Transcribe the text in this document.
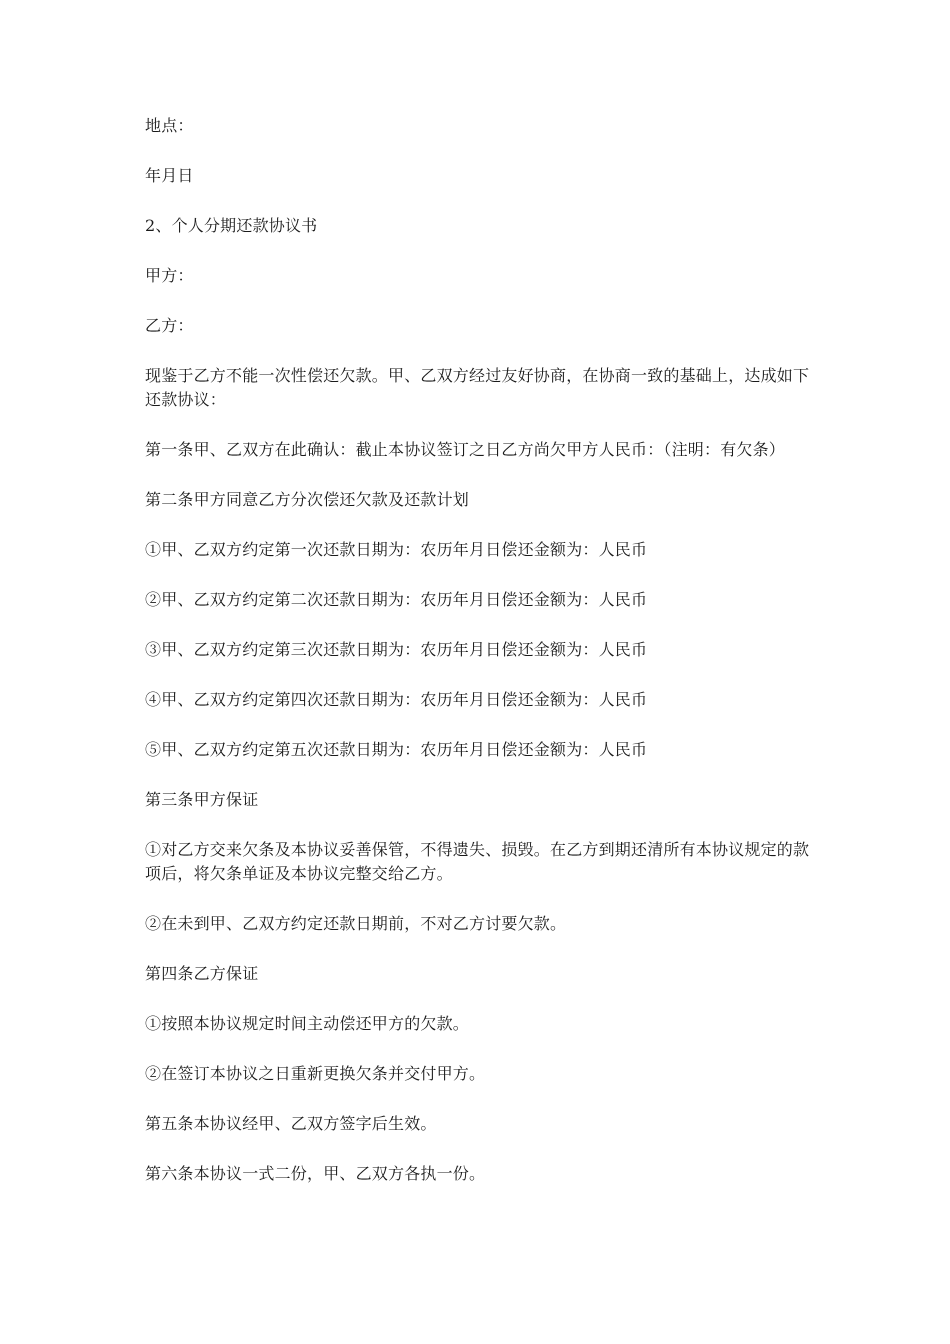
地点：

年月日

2、个人分期还款协议书

甲方：

乙方：

现鉴于乙方不能一次性偿还欠款。甲、乙双方经过友好协商，在协商一致的基础上，达成如下还款协议：

第一条甲、乙双方在此确认：截止本协议签订之日乙方尚欠甲方人民币：（注明：有欠条）

第二条甲方同意乙方分次偿还欠款及还款计划

①甲、乙双方约定第一次还款日期为：农历年月日偿还金额为：人民币

②甲、乙双方约定第二次还款日期为：农历年月日偿还金额为：人民币

③甲、乙双方约定第三次还款日期为：农历年月日偿还金额为：人民币

④甲、乙双方约定第四次还款日期为：农历年月日偿还金额为：人民币

⑤甲、乙双方约定第五次还款日期为：农历年月日偿还金额为：人民币

第三条甲方保证

①对乙方交来欠条及本协议妥善保管，不得遗失、损毁。在乙方到期还清所有本协议规定的款项后，将欠条单证及本协议完整交给乙方。

②在未到甲、乙双方约定还款日期前，不对乙方讨要欠款。

第四条乙方保证

①按照本协议规定时间主动偿还甲方的欠款。

②在签订本协议之日重新更换欠条并交付甲方。

第五条本协议经甲、乙双方签字后生效。

第六条本协议一式二份，甲、乙双方各执一份。
